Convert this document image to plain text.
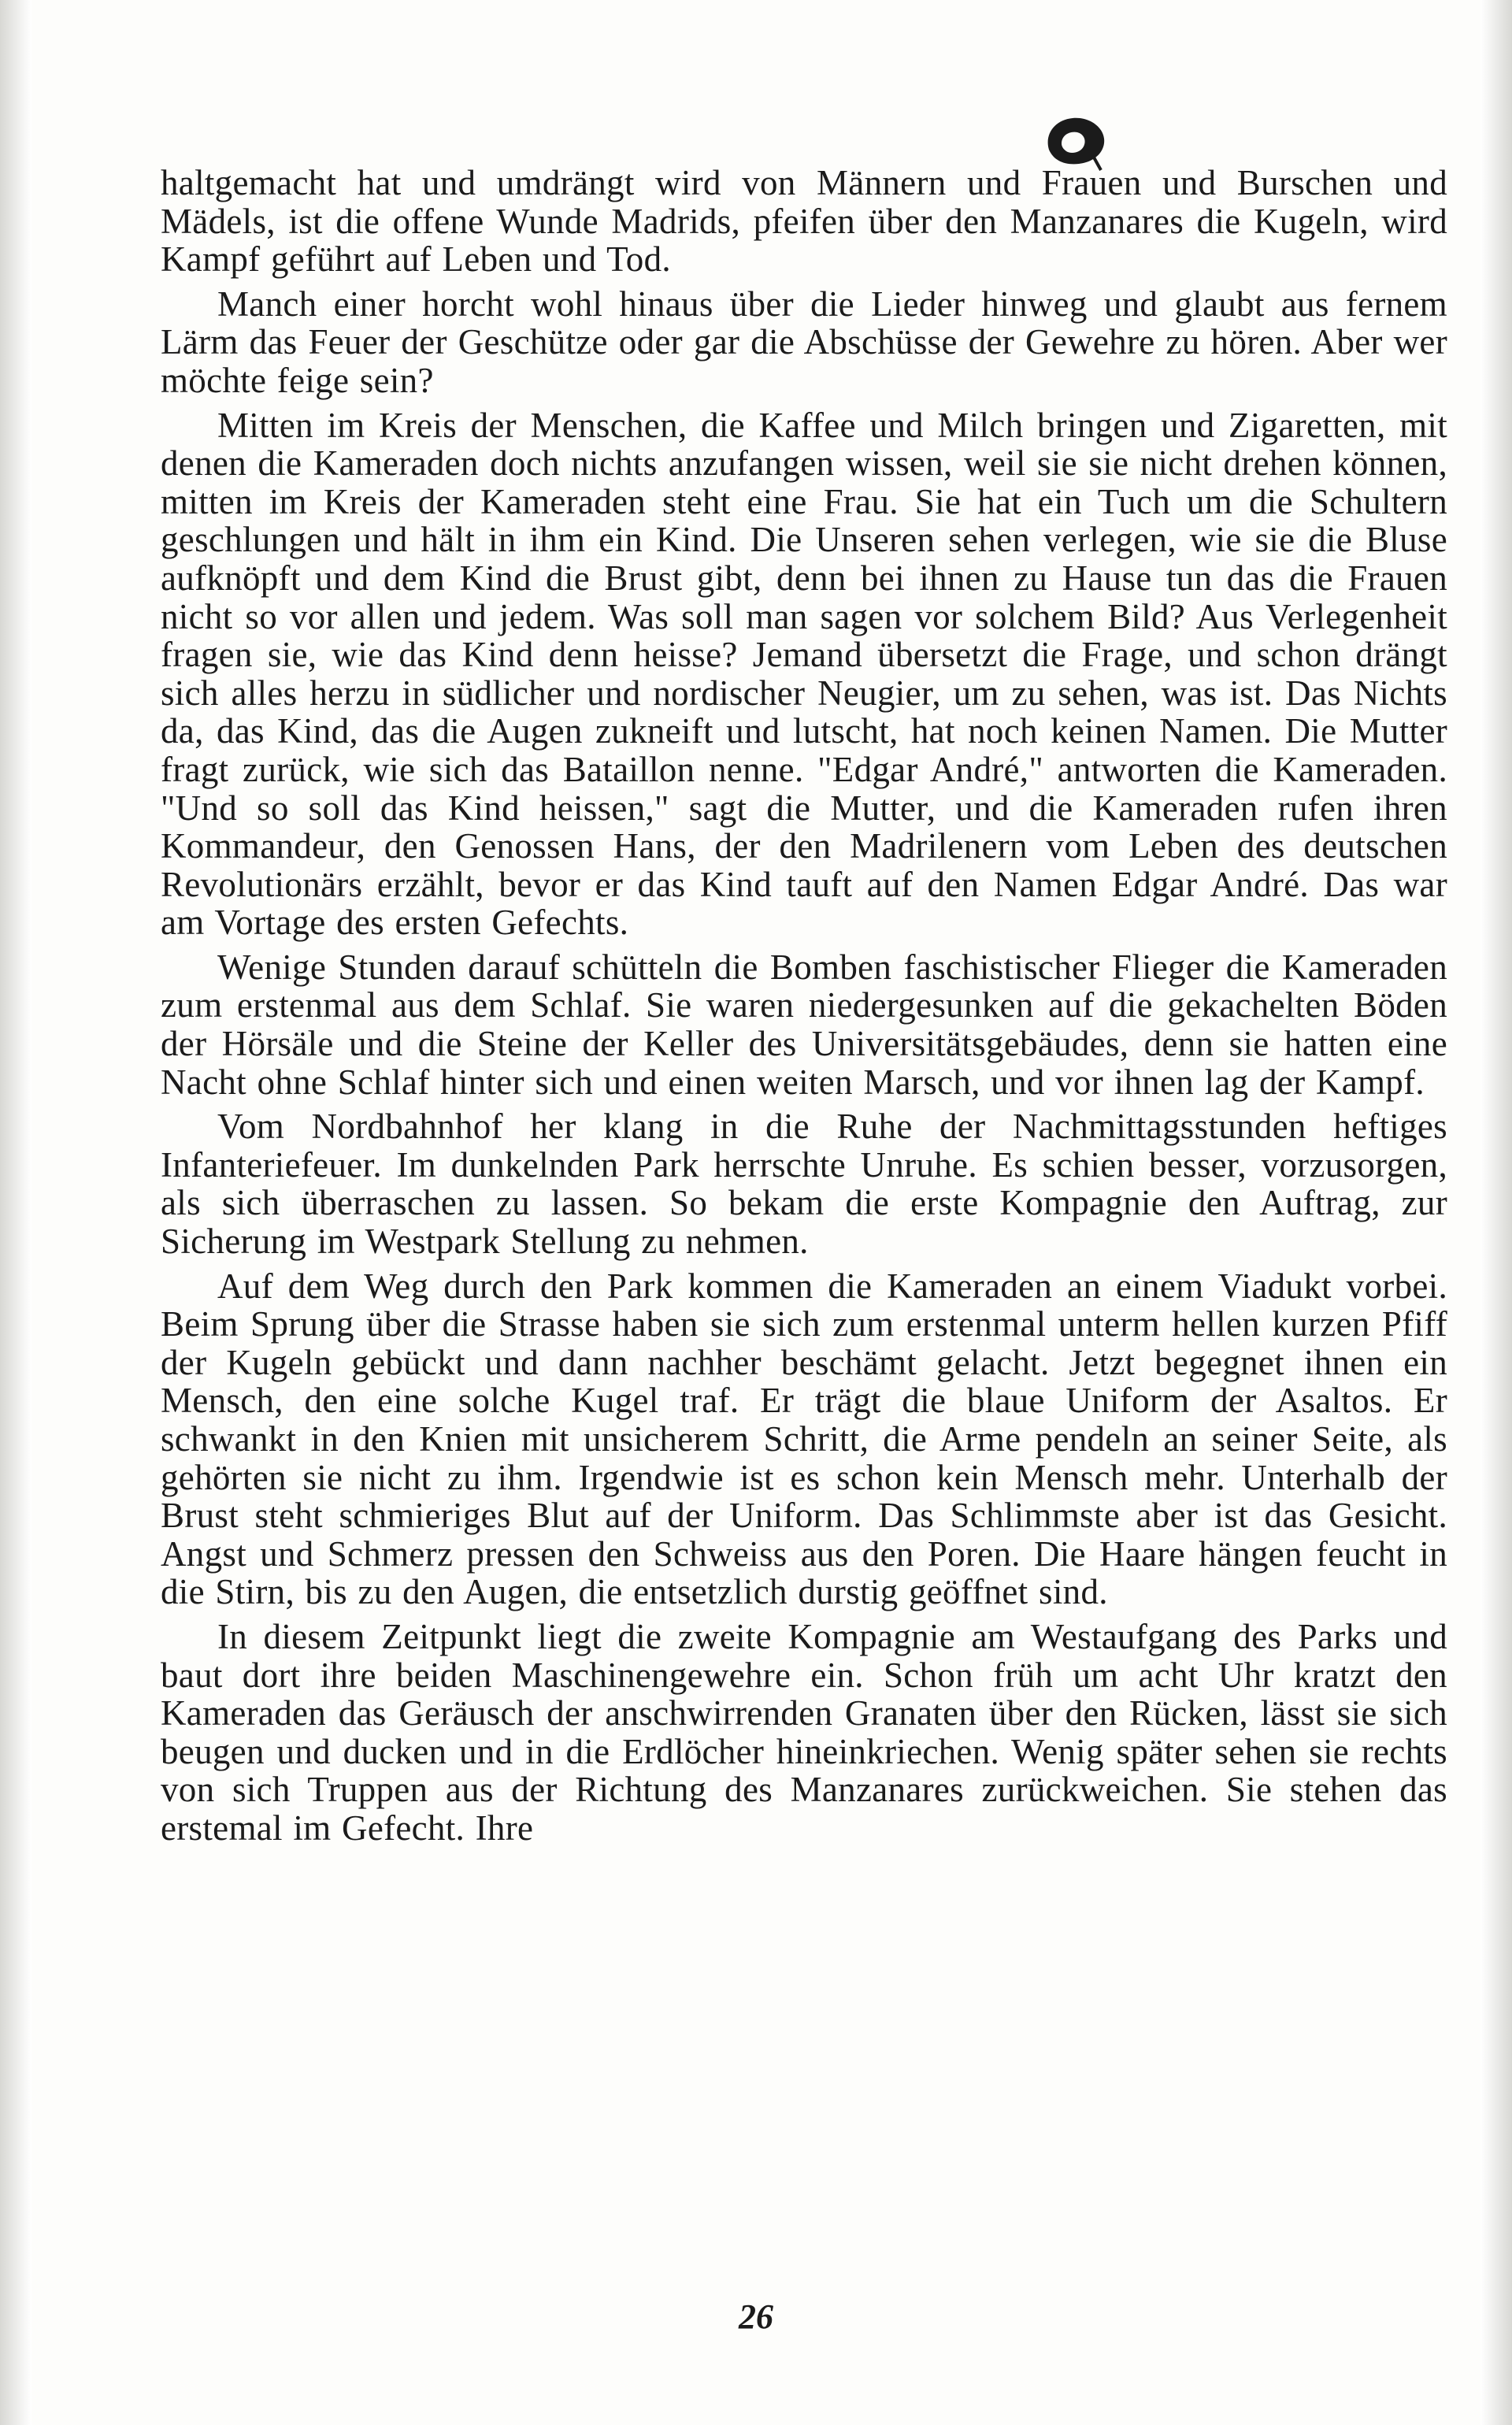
haltgemacht hat und umdrängt wird von Männern und Frauen und Burschen und Mädels, ist die offene Wunde Madrids, pfeifen über den Manzanares die Kugeln, wird Kampf geführt auf Leben und Tod.

Manch einer horcht wohl hinaus über die Lieder hinweg und glaubt aus fernem Lärm das Feuer der Geschütze oder gar die Abschüsse der Gewehre zu hören. Aber wer möchte feige sein?

Mitten im Kreis der Menschen, die Kaffee und Milch bringen und Zigaretten, mit denen die Kameraden doch nichts anzufangen wissen, weil sie sie nicht drehen können, mitten im Kreis der Kameraden steht eine Frau. Sie hat ein Tuch um die Schultern geschlungen und hält in ihm ein Kind. Die Unseren sehen verlegen, wie sie die Bluse aufknöpft und dem Kind die Brust gibt, denn bei ihnen zu Hause tun das die Frauen nicht so vor allen und jedem. Was soll man sagen vor solchem Bild? Aus Verlegenheit fragen sie, wie das Kind denn heisse? Jemand übersetzt die Frage, und schon drängt sich alles herzu in südlicher und nordischer Neugier, um zu sehen, was ist. Das Nichts da, das Kind, das die Augen zukneift und lutscht, hat noch keinen Namen. Die Mutter fragt zurück, wie sich das Bataillon nenne. "Edgar André," antworten die Kameraden. "Und so soll das Kind heissen," sagt die Mutter, und die Kameraden rufen ihren Kommandeur, den Genossen Hans, der den Madrilenern vom Leben des deutschen Revolutionärs erzählt, bevor er das Kind tauft auf den Namen Edgar André. Das war am Vortage des ersten Gefechts.

Wenige Stunden darauf schütteln die Bomben faschistischer Flieger die Kameraden zum erstenmal aus dem Schlaf. Sie waren niedergesunken auf die gekachelten Böden der Hörsäle und die Steine der Keller des Universitätsgebäudes, denn sie hatten eine Nacht ohne Schlaf hinter sich und einen weiten Marsch, und vor ihnen lag der Kampf.

Vom Nordbahnhof her klang in die Ruhe der Nachmittagsstunden heftiges Infanteriefeuer. Im dunkelnden Park herrschte Unruhe. Es schien besser, vorzusorgen, als sich überraschen zu lassen. So bekam die erste Kompagnie den Auftrag, zur Sicherung im Westpark Stellung zu nehmen.

Auf dem Weg durch den Park kommen die Kameraden an einem Viadukt vorbei. Beim Sprung über die Strasse haben sie sich zum erstenmal unterm hellen kurzen Pfiff der Kugeln gebückt und dann nachher beschämt gelacht. Jetzt begegnet ihnen ein Mensch, den eine solche Kugel traf. Er trägt die blaue Uniform der Asaltos. Er schwankt in den Knien mit unsicherem Schritt, die Arme pendeln an seiner Seite, als gehörten sie nicht zu ihm. Irgendwie ist es schon kein Mensch mehr. Unterhalb der Brust steht schmieriges Blut auf der Uniform. Das Schlimmste aber ist das Gesicht. Angst und Schmerz pressen den Schweiss aus den Poren. Die Haare hängen feucht in die Stirn, bis zu den Augen, die entsetzlich durstig geöffnet sind.

In diesem Zeitpunkt liegt die zweite Kompagnie am Westaufgang des Parks und baut dort ihre beiden Maschinengewehre ein. Schon früh um acht Uhr kratzt den Kameraden das Geräusch der anschwirrenden Granaten über den Rücken, lässt sie sich beugen und ducken und in die Erdlöcher hineinkriechen. Wenig später sehen sie rechts von sich Truppen aus der Richtung des Manzanares zurückweichen. Sie stehen das erstemal im Gefecht. Ihre

26
